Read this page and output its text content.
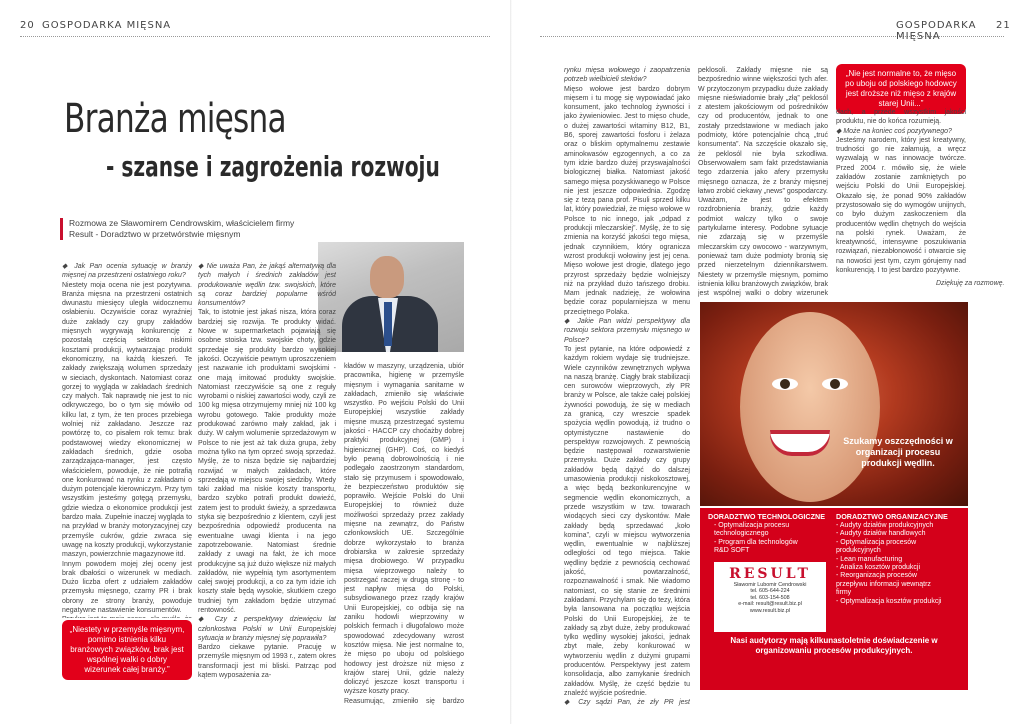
20 GOSPODARKA MIĘSNA
Branża mięsna
- szanse i zagrożenia rozwoju
Rozmowa ze Sławomirem Cendrowskim, właścicielem firmy Result - Doradztwo w przetwórstwie mięsnym

◆ Jak Pan ocenia sytuację w branży mięsnej na przestrzeni ostatniego roku?

Niestety moja ocena nie jest pozytywna. Branża mięsna na przestrzeni ostatnich dwunastu miesięcy uległa widocznemu osłabieniu. Oczywiście coraz wyraźniej duże zakłady czy grupy zakładów mięsnych wygrywają konkurencję z pozostałą częścią sektora niskimi kosztami produkcji, wytwarzając produkt ekonomiczny, na każdą kieszeń. Te zakłady zwiększają wolumen sprzedaży w sieciach, dyskontach. Natomiast coraz gorzej to wygląda w zakładach średnich czy małych. Tak naprawdę nie jest to nic odkrywczego, bo o tym się mówiło od kilku lat, z tym, że ten proces przebiega wolniej niż zakładano. Jeszcze raz powtórzę to, co pisałem rok temu: brak podstawowej wiedzy ekonomicznej w zakładach średnich, gdzie osoba zarządzająca-manager, jest często właścicielem, powoduje, że nie potrafią one konkurować na rynku z zakładami o dużym potencjale kierowniczym. Przy tym wszystkim jesteśmy gotęgą przemysłu, gdzie wiedza o ekonomice produkcji jest bardzo mała. Zupełnie inaczej wygląda to na przykład w branży motoryzacyjnej czy przemyśle cukrów, gdzie zwraca się uwagę na koszty produkcji, wykorzystanie maszyn, powierzchnie magazynowe itd.

Innym powodem mojej złej oceny jest brak dbałości o wizerunek w mediach. Dużo liczba ofert z udziałem zakładów przemysłu mięsnego, czarny PR i brak obrony ze strony branży, powoduje negatywne nastawienie konsumentów.

„Niestety w przemyśle mięsnym, pomimo istnienia kilku branżowych związków, brak jest wspólnej walki o dobry wizerunek całej branży.”

◆ Nie uważa Pan, że jakąś alternatywą dla tych małych i średnich zakładów jest produkowanie wędlin tzw. swojskich, które są coraz bardziej popularne wśród konsumentów?

Tak, to istotnie jest jakaś nisza, która coraz bardziej się rozwija. Te produkty widać. Nowe w supermarketach pojawiają się osobne stoiska tzw. swojskie choty, gdzie sprzedaje się produkty bardzo wysokiej jakości. Oczywiście pewnym uproszczeniem jest nazwanie ich produktami swojskimi - one mają imitować produkty swojskie. Natomiast rzeczywiście są one z reguły wyrobami o niskiej zawartości wody, czyli ze 100 kg mięsa otrzymujemy mniej niż 100 kg wyrobu gotowego. Takie produkty może produkować zarówno mały zakład, jak i duży. W całym wolumenie sprzedażowym w Polsce to nie jest aż tak duża grupa, żeby można tylko na tym oprzeć swoją sprzedaż. Myślę, że to nisza będzie się najbardziej rozwijać w małych zakładach, które sprzedają w miejscu swojej siedziby. Wtedy taki zakład ma niskie koszty transportu, bardzo szybko potrafi produkt dowieźć, zatem jest to produkt świeży, a sprzedawca styka się bezpośrednio z klientem, czyli jest bezpośrednia odpowiedź producenta na ewentualne uwagi klienta i na jego zapotrzebowanie. Natomiast średnie zakłady z uwagi na fakt, że ich moce produkcyjne są już dużo większe niż małych zakładów, nie wypełnią tym asortymentem całej swojej produkcji, a co za tym idzie ich koszty stałe będą wysokie, skutkiem czego trudniej tym zakładom będzie utrzymać rentowność.

◆ Czy z perspektywy dziewięciu lat członkostwa Polski w Unii Europejskiej sytuacja w branży mięsnej się poprawiła?

Bardzo ciekawe pytanie. Pracuję w przemyśle mięsnym od 1993 r., zatem okres transformacji jest mi bliski. Patrząc pod kątem wyposażenia za-

kładów w maszyny, urządzenia, ubiór pracownika, higienę w przemyśle mięsnym i wymagania sanitarne w zakładach, zmieniło się właściwie wszystko. Po wejściu Polski do Unii Europejskiej wszystkie zakłady mięsne muszą przestrzegać systemu jakości - HACCP czy choćażby dobrej praktyki produkcyjnej (GMP) i higienicznej (GHP). Coś, co kiedyś było pewną dobrowolnością i nie podlegało zaostrzonym standardom, stało się przymusem i spowodowało, że bezpieczeństwo produktów się poprawiło. Wejście Polski do Unii Europejskiej to również duże możliwości sprzedaży przez zakłady mięsne na zewnątrz, do Państw członkowskich UE. Szczególnie dobrze wykorzystało to branża drobiarska w zakresie sprzedaży mięsa drobiowego. W przypadku mięsa wieprzowego należy to postrzegać raczej w drugą stronę - to jest napływ mięsa do Polski, subsydiowanego przez rządy krajów Unii Europejskiej, co odbija się na zaniku hodowli wieprzowiny w polskich fermach i długofalowo może spowodować zdecydowany wzrost kosztów mięsa. Nie jest normalne to, że mięso po uboju od polskiego hodowcy jest droższe niż mięso z krajów starej Unii, gdzie należy doliczyć jeszcze koszt transportu i wyższe koszty pracy.

Reasumując, zmieniło się bardzo

GOSPODARKA MIĘSNA
21

rynku mięsa wołowego i zaopatrzenia potrzeb wielbicieli steków?

Mięso wołowe jest bardzo dobrym mięsem i tu mogę się wypowiadać jako konsument, jako technolog żywności i jako żywieniowiec. Jest to mięso chude, o dużej zawartości witaminy B12, B1, B6, sporej zawartości fosforu i żelaza oraz o bliskim optymalnemu zestawie aminokwasów egzogennych, a co za tym idzie bardzo dużej przyswajalności biologicznej białka. Natomiast jakość samego mięsa pozyskiwanego w Polsce nie jest jeszcze odpowiednia. Zgodzę się z tezą pana prof. Pisuli sprzed kilku lat, który powiedział, że mięso wołowe w Polsce to nic innego, jak „odpad z produkcji mleczarskiej”. Myślę, że to się zmienia na korzyść jakości tego mięsa, jednak czynnikiem, który ogranicza wzrost produkcji wołowiny jest jej cena. Mięso wołowe jest drogie, dlatego jego przyrost sprzedaży będzie wolniejszy niż na przykład dużo tańszego drobiu. Mam jednak nadzieję, że wołowina będzie coraz popularniejsza w menu przeciętnego Polaka.

◆ Jakie Pan widzi perspektywy dla rozwoju sektora przemysłu mięsnego w Polsce?

To jest pytanie, na które odpowiedź z każdym rokiem wydaje się trudniejsze. Wiele czynników zewnętrznych wpływa na naszą branżę. Ciągły brak stabilizacji cen surowców wieprzowych, zły PR branży w Polsce, ale także całej polskiej żywności powodują, że się w mediach za granicą, czy wreszcie spadek spożycia wędlin powodują, iż trudno o optymistyczne nastawienie do perspektyw rozwojowych. Z pewnością będzie następował rozwarstwienie przemysłu. Duże zakłady czy grupy zakładów będą dążyć do dalszej umasowienia produkcji niskokosztowej, a więc będą bezkonkurencyjne w segmencie wędlin ekonomicznych, a przede wszystkim w tzw. towarach wiodących sieci czy dyskontów. Małe zakłady będą sprzedawać „koło komina”, czyli w miejscu wytworzenia wędlin, ewentualnie w najbliższej odległości od tego miejsca. Takie wędliny będzie z pewnością cechować jakość, powtarzalność, rozpoznawalność i smak. Nie wiadomo natomiast, co się stanie ze średnimi zakładami. Przychylam się do tezy, która była lansowana na początku wejścia Polski do Unii Europejskiej, że te zakłady są zbyt duże, żeby produkować tylko wędliny wysokiej jakości, jednak zbyt małe, żeby konkurować w wytworzeniu wędlin z dużymi grupami producentów. Perspektywy jest zatem konsolidacja, albo zamykanie średnich zakładów. Myślę, że część będzie tu znaleźć wyjście pośrednie.

◆ Czy sądzi Pan, że zły PR jest

peklosoli. Zakłady mięsne nie są bezpośrednio winne większości tych afer. W przytoczonym przypadku duże zakłady mięsne nieświadomie brały „złą” peklosól z atestem jakościowym od pośredników czy od producentów, jednak to one zostały przedstawione w mediach jako podmioty, które potencjalnie chcą „truć konsumenta”. Na szczęście okazało się, że peklosól nie była szkodliwa. Obserwowałem sam fakt przedstawiania tego zdarzenia jako afery przemysłu mięsnego oznacza, że z branży mięsnej łatwo zrobić ciekawy „news” gospodarczy. Uważam, że jest to efektem rozdrobnienia branży, gdzie każdy podmiot walczy tylko o swoje partykularne interesy. Podobne sytuacje nie zdarzają się w przemyśle mleczarskim czy owocowo - warzywnym, ponieważ tam duże podmioty bronią się przed nierzetelnym dziennikarstwem. Niestety w przemyśle mięsnym, pomimo istnienia kilku branżowych związków, brak jest wspólnej walki o dobry wizerunek

„Nie jest normalne to, że mięso po uboju od polskiego hodowcy jest droższe niż mięso z krajów starej Unii...”

dach, a przede wszystkim jakości produktu, nie do końca rozumieją.

◆ Może na koniec coś pozytywnego?

Jesteśmy narodem, który jest kreatywny, trudności go nie załamują, a wręcz wyzwalają w nas innowacje twórcze. Przed 2004 r. mówiło się, że wiele zakładów zostanie zamkniętych po wejściu Polski do Unii Europejskiej. Okazało się, że ponad 90% zakładów przystosowało się do wymogów unijnych, co było dużym zaskoczeniem dla producentów wędlin chętnych do wejścia na polski rynek. Uważam, że kreatywność, intensywne poszukiwania rozwiązań, niezabłonowość i otwarcie się na nowości jest tym, czym górujemy nad konkurencją. I to jest bardzo pozytywne.

Dziękuję za rozmowę.
Szukamy oszczędności w organizacji procesu produkcji wędlin.
DORADZTWO TECHNOLOGICZNE DORADZTWO ORGANIZACYJNE
- Optymalizacja procesu
technologicznego
- Program dla technologów
R&D SOFT
- Audyty działów produkcyjnych
- Audyty działów handlowych
- Optymalizacja procesów
produkcyjnych
- Lean manufacturing
- Analiza kosztów produkcji
- Reorganizacja procesów
przepływu informacji wewnątrz
firmy
- Optymalizacja kosztów produkcji
RESULT
Sławomir Lubomir Cendrowski
tel. 605-644-224
tel. 603-154-508
e-mail: result@result.biz.pl
www.result.biz.pl
Nasi audytorzy mają kilkunastoletnie doświadczenie w organizowaniu procesów produkcyjnych.
